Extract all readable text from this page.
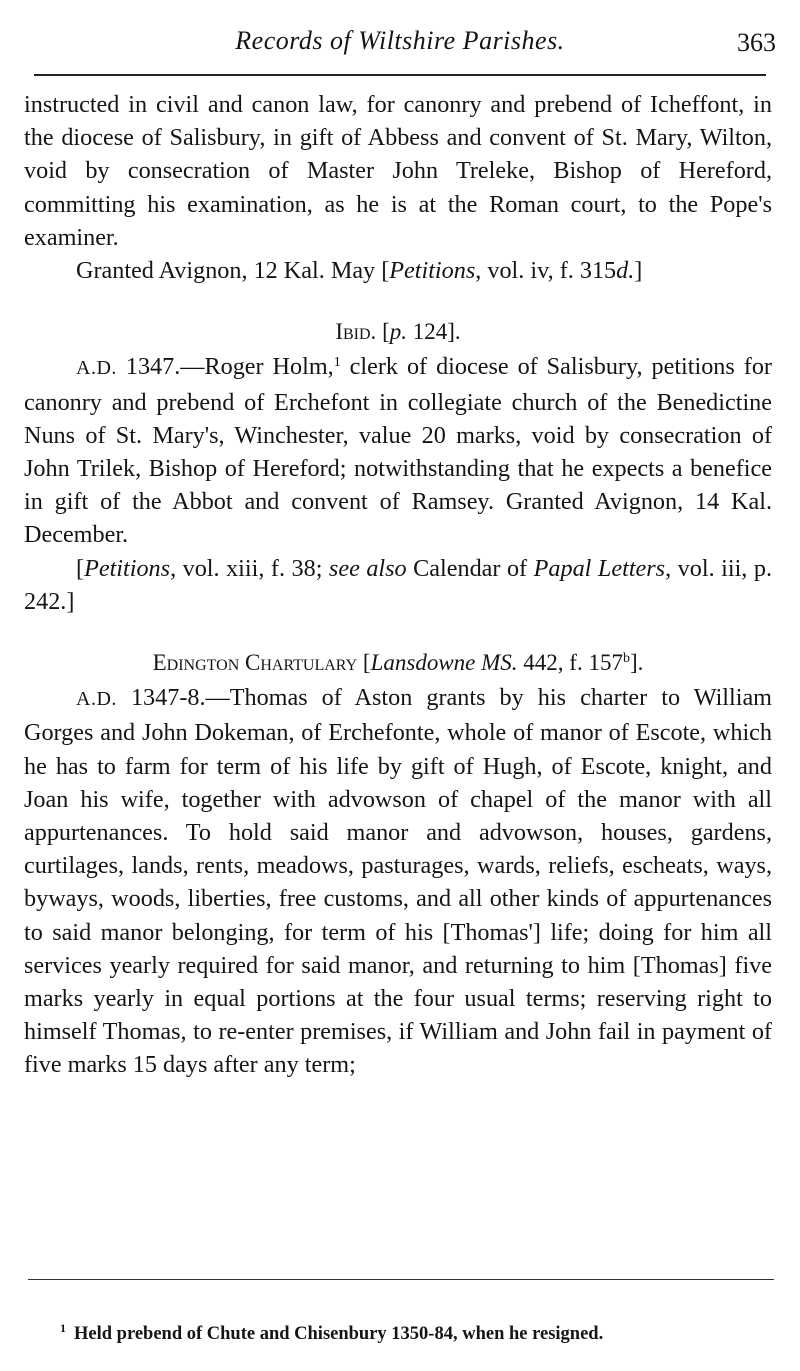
Records of Wiltshire Parishes.	363

instructed in civil and canon law, for canonry and prebend of Icheffont, in the diocese of Salisbury, in gift of Abbess and convent of St. Mary, Wilton, void by consecration of Master John Treleke, Bishop of Hereford, committing his examination, as he is at the Roman court, to the Pope's examiner.

Granted Avignon, 12 Kal. May [Petitions, vol. iv, f. 315d.]

Ibid. [p. 124].

A.D. 1347.—Roger Holm,$^1$ clerk of diocese of Salisbury, petitions for canonry and prebend of Erchefont in collegiate church of the Benedictine Nuns of St. Mary's, Winchester, value 20 marks, void by consecration of John Trilek, Bishop of Hereford; notwithstanding that he expects a benefice in gift of the Abbot and convent of Ramsey. Granted Avignon, 14 Kal. December.

[Petitions, vol. xiii, f. 38; see also Calendar of Papal Letters, vol. iii, p. 242.]

Edington Chartulary [Lansdowne MS. 442, f. 157$^b$].

A.D. 1347-8.—Thomas of Aston grants by his charter to William Gorges and John Dokeman, of Erchefonte, whole of manor of Escote, which he has to farm for term of his life by gift of Hugh, of Escote, knight, and Joan his wife, together with advowson of chapel of the manor with all appurtenances. To hold said manor and advowson, houses, gardens, curtilages, lands, rents, meadows, pasturages, wards, reliefs, escheats, ways, byways, woods, liberties, free customs, and all other kinds of appurtenances to said manor belonging, for term of his [Thomas'] life; doing for him all services yearly required for said manor, and returning to him [Thomas] five marks yearly in equal portions at the four usual terms; reserving right to himself Thomas, to re-enter premises, if William and John fail in payment of five marks 15 days after any term;

$^1$ Held prebend of Chute and Chisenbury 1350-84, when he resigned.
